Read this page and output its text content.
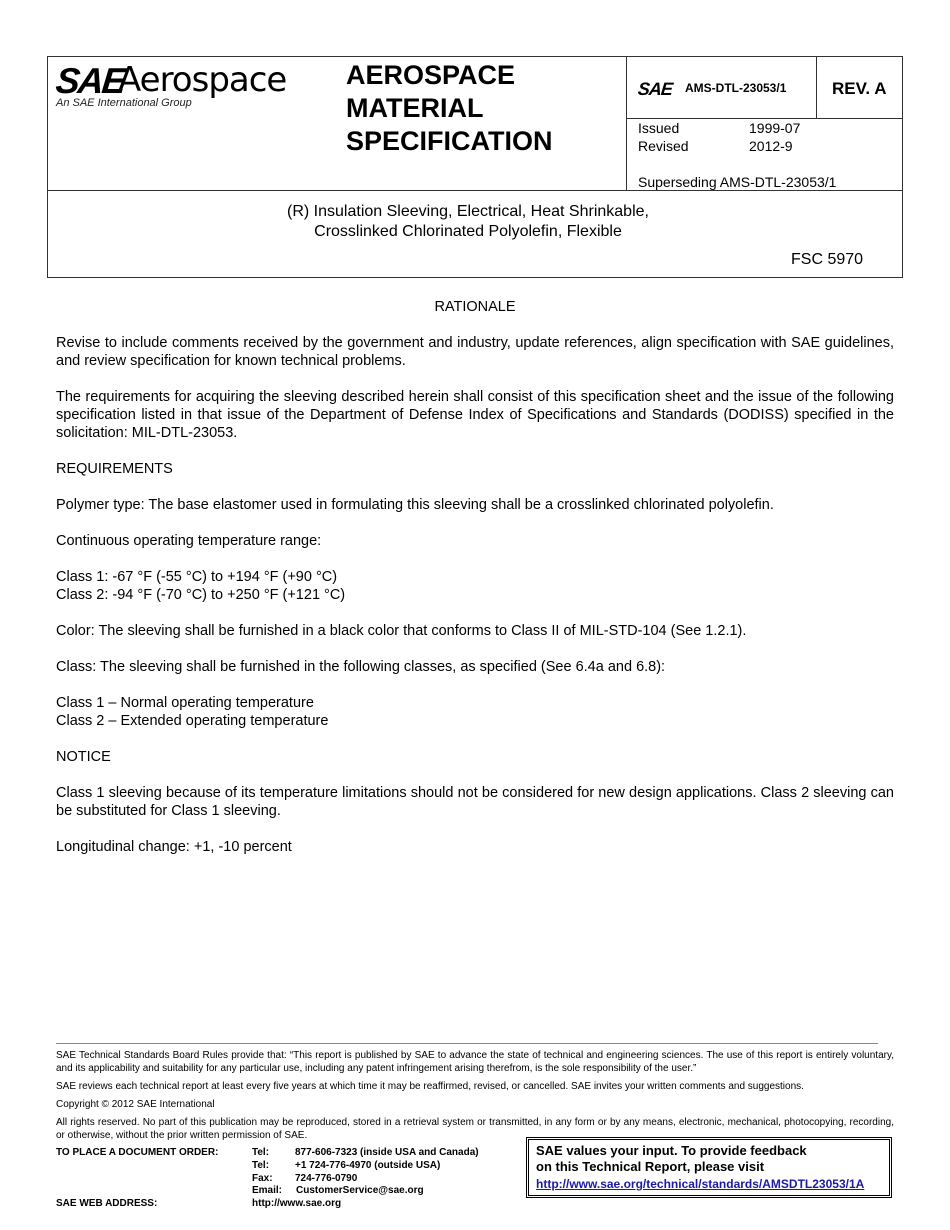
SAE
Aerospace
An SAE International Group
AEROSPACE
MATERIAL
SPECIFICATION
SAE AMS-DTL-23053/1	REV. A
Issued	1999-07
Revised	2012-9
Superseding AMS-DTL-23053/1
(R) Insulation Sleeving, Electrical, Heat Shrinkable,
Crosslinked Chlorinated Polyolefin, Flexible
FSC 5970
RATIONALE
Revise to include comments received by the government and industry, update references, align specification with SAE guidelines, and review specification for known technical problems.
The requirements for acquiring the sleeving described herein shall consist of this specification sheet and the issue of the following specification listed in that issue of the Department of Defense Index of Specifications and Standards (DODISS) specified in the solicitation: MIL-DTL-23053.
REQUIREMENTS
Polymer type: The base elastomer used in formulating this sleeving shall be a crosslinked chlorinated polyolefin.
Continuous operating temperature range:
Class 1: -67 °F (-55 °C) to +194 °F (+90 °C)
Class 2: -94 °F (-70 °C) to +250 °F (+121 °C)
Color: The sleeving shall be furnished in a black color that conforms to Class II of MIL-STD-104 (See 1.2.1).
Class: The sleeving shall be furnished in the following classes, as specified (See 6.4a and 6.8):
Class 1 – Normal operating temperature
Class 2 – Extended operating temperature
NOTICE
Class 1 sleeving because of its temperature limitations should not be considered for new design applications. Class 2 sleeving can be substituted for Class 1 sleeving.
Longitudinal change: +1, -10 percent
SAE Technical Standards Board Rules provide that: “This report is published by SAE to advance the state of technical and engineering sciences. The use of this report is entirely voluntary, and its applicability and suitability for any particular use, including any patent infringement arising therefrom, is the sole responsibility of the user.”
SAE reviews each technical report at least every five years at which time it may be reaffirmed, revised, or cancelled. SAE invites your written comments and suggestions.
Copyright © 2012 SAE International
All rights reserved. No part of this publication may be reproduced, stored in a retrieval system or transmitted, in any form or by any means, electronic, mechanical, photocopying, recording, or otherwise, without the prior written permission of SAE.
TO PLACE A DOCUMENT ORDER:	Tel:	877-606-7323 (inside USA and Canada)
Tel:	+1 724-776-4970 (outside USA)
Fax: 724-776-0790
Email: CustomerService@sae.org
SAE WEB ADDRESS:	http://www.sae.org
SAE values your input. To provide feedback
on this Technical Report, please visit
http://www.sae.org/technical/standards/AMSDTL23053/1A
